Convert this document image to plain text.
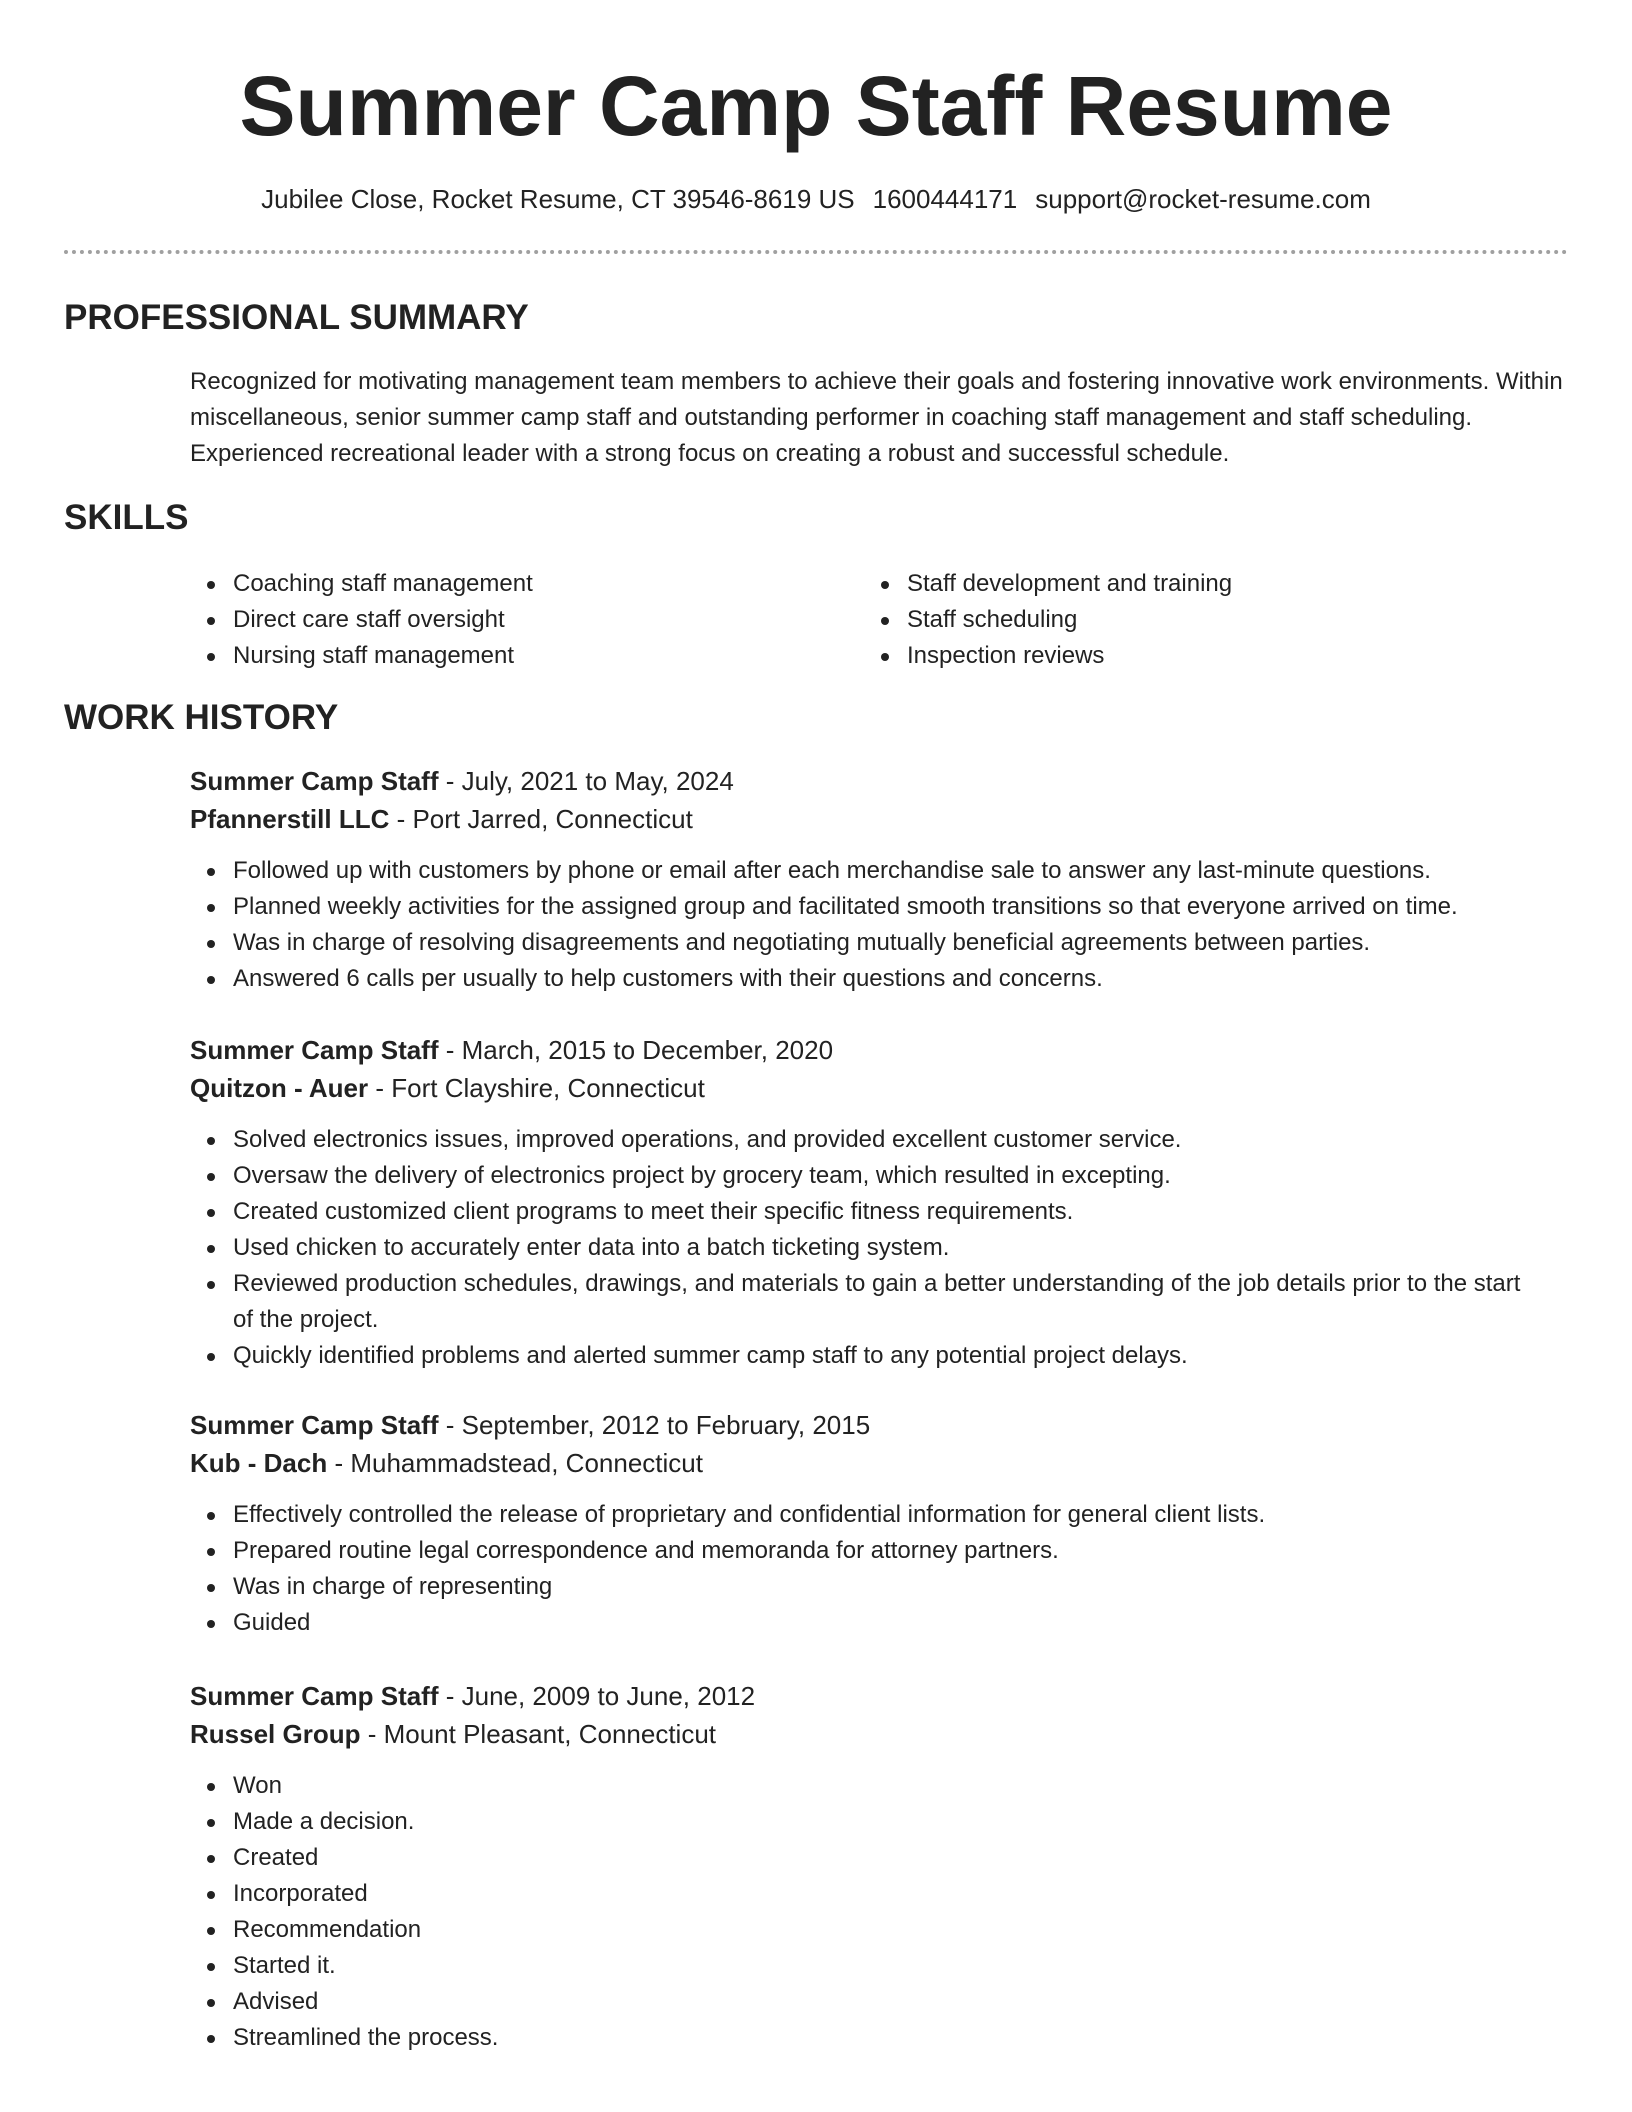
Summer Camp Staff Resume
Jubilee Close, Rocket Resume, CT 39546-8619 US 1600444171 support@rocket-resume.com
PROFESSIONAL SUMMARY

Recognized for motivating management team members to achieve their goals and fostering innovative work environments. Within miscellaneous, senior summer camp staff and outstanding performer in coaching staff management and staff scheduling. Experienced recreational leader with a strong focus on creating a robust and successful schedule.

SKILLS
Coaching staff management
Direct care staff oversight
Nursing staff management
Staff development and training
Staff scheduling
Inspection reviews
WORK HISTORY
Summer Camp Staff - July, 2021 to May, 2024
Pfannerstill LLC - Port Jarred, Connecticut
Followed up with customers by phone or email after each merchandise sale to answer any last-minute questions.
Planned weekly activities for the assigned group and facilitated smooth transitions so that everyone arrived on time.
Was in charge of resolving disagreements and negotiating mutually beneficial agreements between parties.
Answered 6 calls per usually to help customers with their questions and concerns.
Summer Camp Staff - March, 2015 to December, 2020
Quitzon - Auer - Fort Clayshire, Connecticut
Solved electronics issues, improved operations, and provided excellent customer service.
Oversaw the delivery of electronics project by grocery team, which resulted in excepting.
Created customized client programs to meet their specific fitness requirements.
Used chicken to accurately enter data into a batch ticketing system.
Reviewed production schedules, drawings, and materials to gain a better understanding of the job details prior to the start of the project.
Quickly identified problems and alerted summer camp staff to any potential project delays.
Summer Camp Staff - September, 2012 to February, 2015
Kub - Dach - Muhammadstead, Connecticut
Effectively controlled the release of proprietary and confidential information for general client lists.
Prepared routine legal correspondence and memoranda for attorney partners.
Was in charge of representing
Guided
Summer Camp Staff - June, 2009 to June, 2012
Russel Group - Mount Pleasant, Connecticut
Won
Made a decision.
Created
Incorporated
Recommendation
Started it.
Advised
Streamlined the process.
